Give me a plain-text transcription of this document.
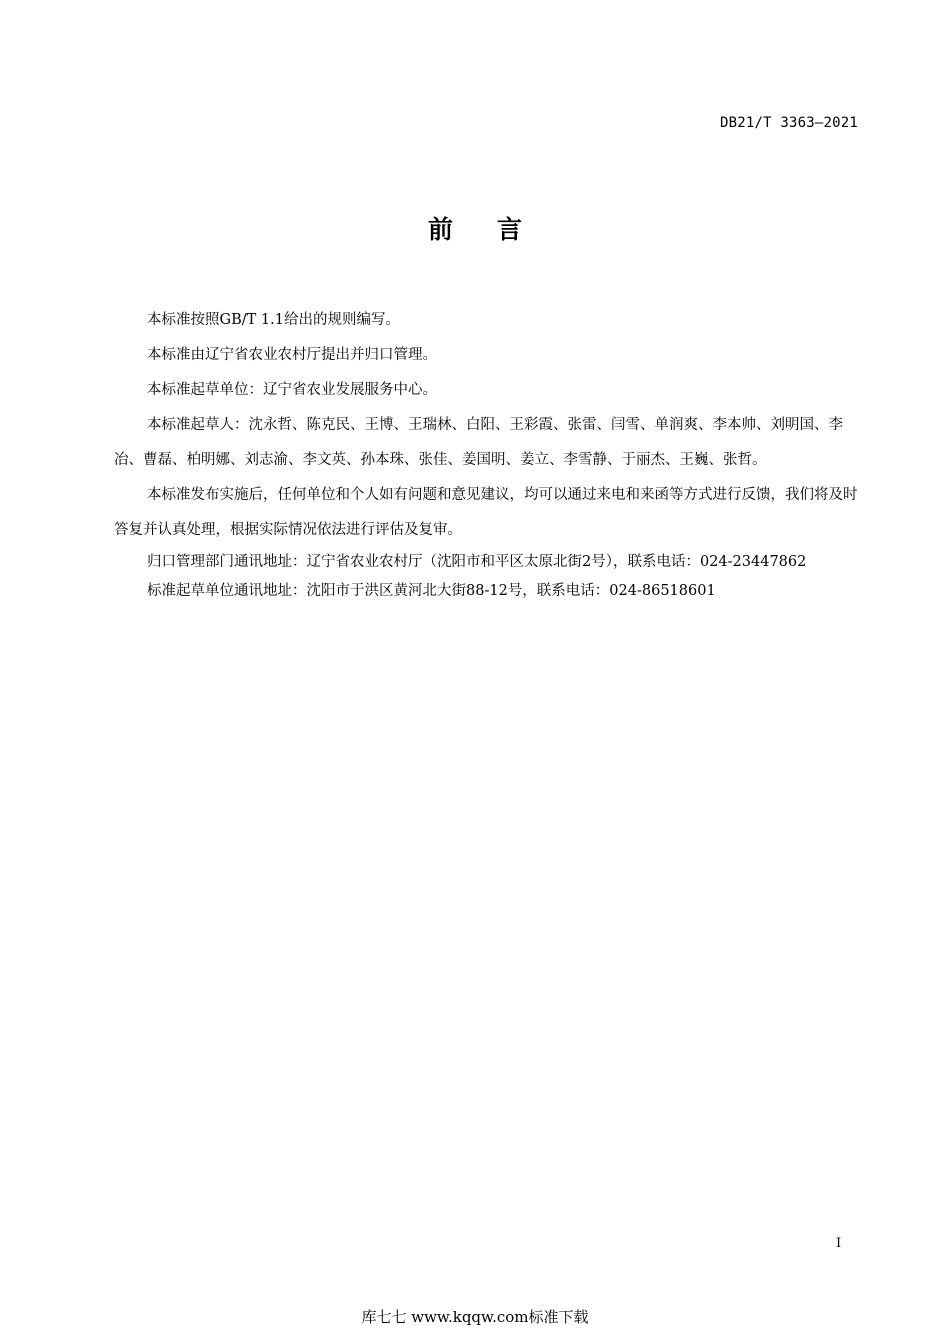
DB21/T 3363—2021
前言

本标准按照GB/T 1.1给出的规则编写。

本标准由辽宁省农业农村厅提出并归口管理。

本标准起草单位：辽宁省农业发展服务中心。

本标准起草人：沈永哲、陈克民、王博、王瑞林、白阳、王彩霞、张雷、闫雪、单润爽、李本帅、刘明国、李冶、曹磊、柏明娜、刘志渝、李文英、孙本珠、张佳、姜国明、姜立、李雪静、于丽杰、王巍、张哲。

本标准发布实施后，任何单位和个人如有问题和意见建议，均可以通过来电和来函等方式进行反馈，我们将及时答复并认真处理，根据实际情况依法进行评估及复审。

归口管理部门通讯地址：辽宁省农业农村厅（沈阳市和平区太原北街2号），联系电话：024-23447862

标准起草单位通讯地址：沈阳市于洪区黄河北大街88-12号，联系电话：024-86518601

I
库七七 www.kqqw.com标准下载
